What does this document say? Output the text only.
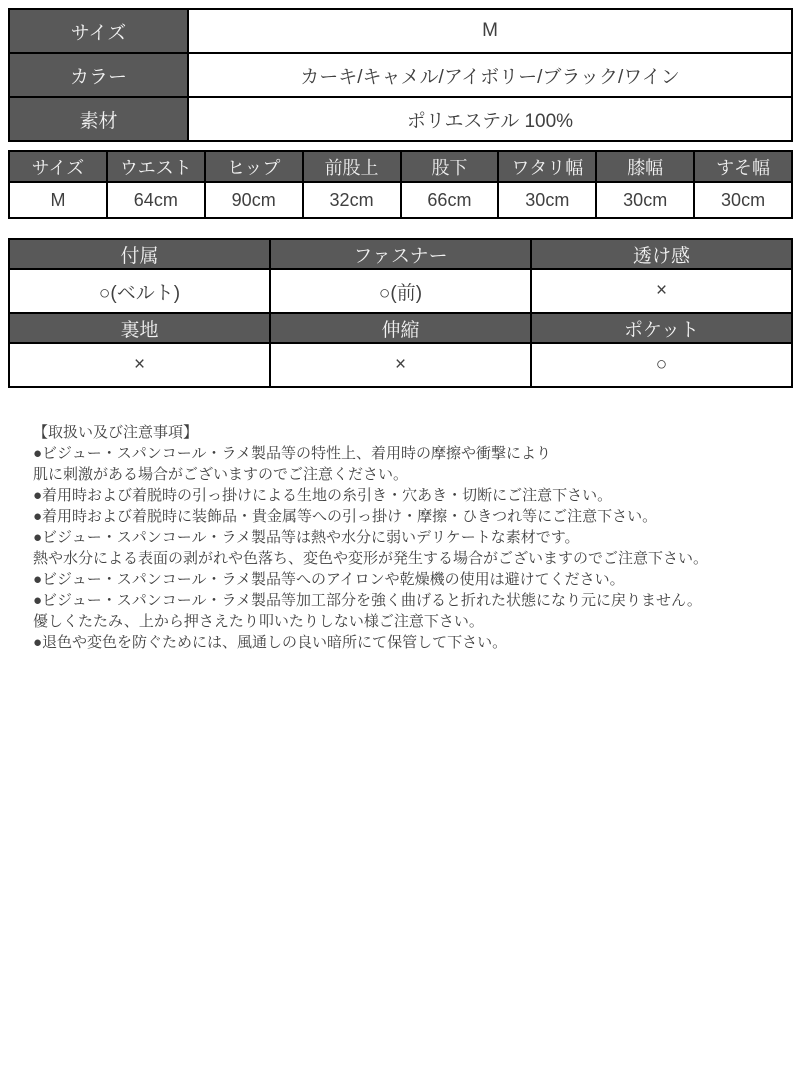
サイズ	M
カラー	カーキ/キャメル/アイボリー/ブラック/ワイン
素材	ポリエステル 100%
サイズ	ウエスト	ヒップ	前股上	股下	ワタリ幅	膝幅	すそ幅
M	64cm	90cm	32cm	66cm	30cm	30cm	30cm
付属	ファスナー	透け感
○(ベルト)	○(前)	×
裏地	伸縮	ポケット
×	×	○
【取扱い及び注意事項】
●ビジュー・スパンコール・ラメ製品等の特性上、着用時の摩擦や衝撃により
肌に刺激がある場合がございますのでご注意ください。
●着用時および着脱時の引っ掛けによる生地の糸引き・穴あき・切断にご注意下さい。
●着用時および着脱時に装飾品・貴金属等への引っ掛け・摩擦・ひきつれ等にご注意下さい。
●ビジュー・スパンコール・ラメ製品等は熱や水分に弱いデリケートな素材です。
熱や水分による表面の剥がれや色落ち、変色や変形が発生する場合がございますのでご注意下さい。
●ビジュー・スパンコール・ラメ製品等へのアイロンや乾燥機の使用は避けてください。
●ビジュー・スパンコール・ラメ製品等加工部分を強く曲げると折れた状態になり元に戻りません。
優しくたたみ、上から押さえたり叩いたりしない様ご注意下さい。
●退色や変色を防ぐためには、風通しの良い暗所にて保管して下さい。
